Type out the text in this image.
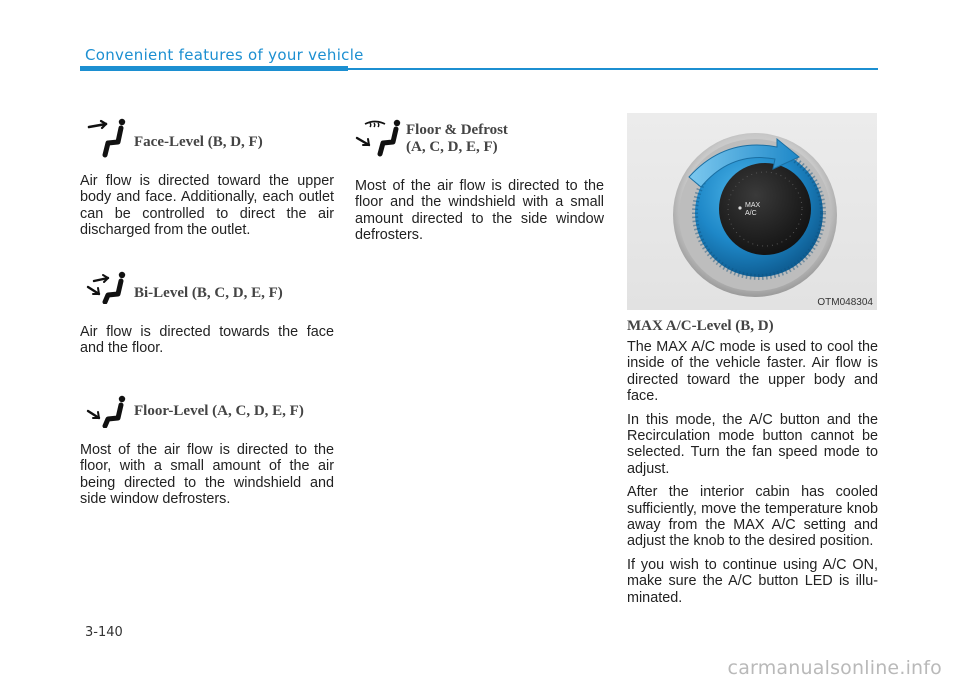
Convenient features of your vehicle
Face-Level (B, D, F)
Air flow is directed toward the upper body and face. Additionally, each outlet can be controlled to direct the air discharged from the outlet.
Bi-Level (B, C, D, E, F)
Air flow is directed towards the face and the floor.
Floor-Level (A, C, D, E, F)
Most of the air flow is directed to the floor, with a small amount of the air being directed to the windshield and side window defrosters.
Floor & Defrost
(A, C, D, E, F)
Most of the air flow is directed to the floor and the windshield with a small amount directed to the side window defrosters.
MAX
A/C
OTM048304
MAX A/C-Level (B, D)

The MAX A/C mode is used to cool the inside of the vehicle faster. Air flow is directed toward the upper body and face.

In this mode, the A/C button and the Recirculation mode button cannot be selected. Turn the fan speed mode to adjust.

After the interior cabin has cooled sufficiently, move the temperature knob away from the MAX A/C setting and adjust the knob to the desired position.

If you wish to continue using A/C ON, make sure the A/C button LED is illu-minated.

3-140
carmanualsonline.info
